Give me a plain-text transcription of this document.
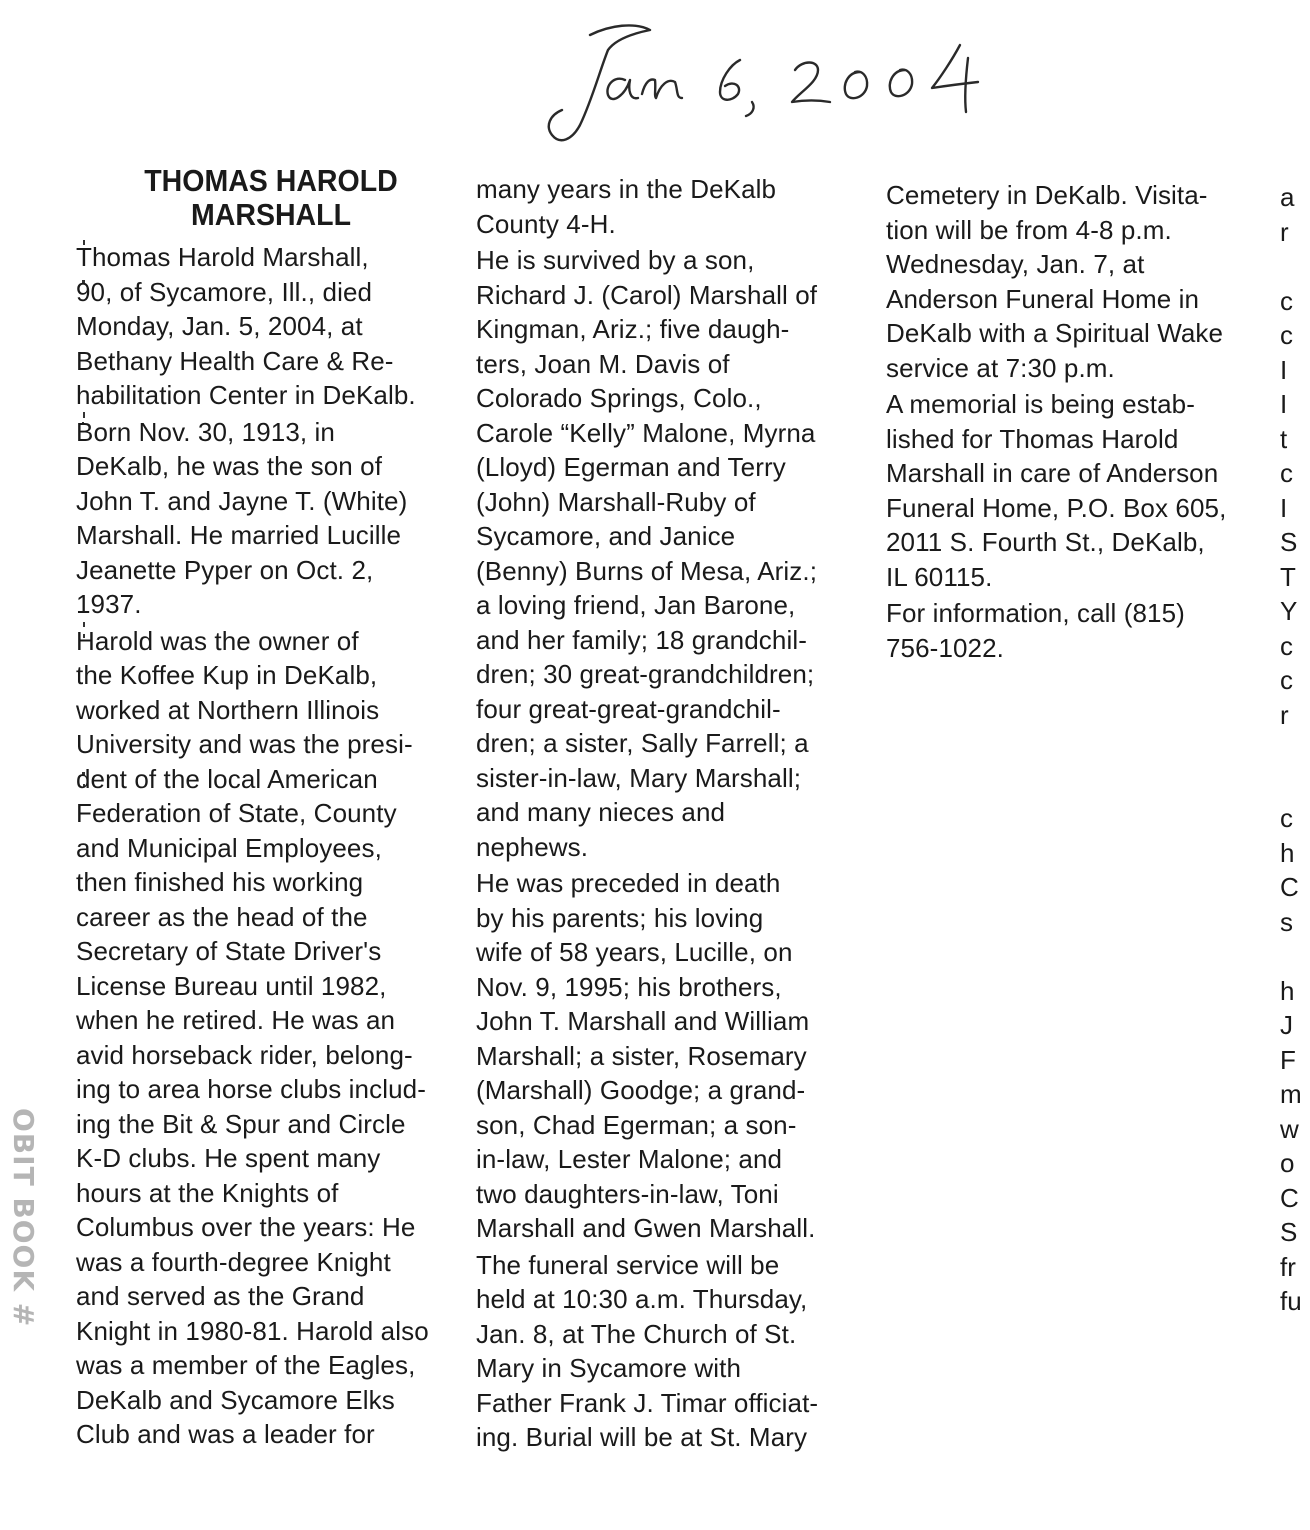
THOMAS HAROLD
MARSHALL

Thomas Harold Marshall,
90, of Sycamore, Ill., died
Monday, Jan. 5, 2004, at
Bethany Health Care & Re-
habilitation Center in DeKalb.

Born Nov. 30, 1913, in
DeKalb, he was the son of
John T. and Jayne T. (White)
Marshall. He married Lucille
Jeanette Pyper on Oct. 2,
1937.

Harold was the owner of
the Koffee Kup in DeKalb,
worked at Northern Illinois
University and was the presi-
dent of the local American
Federation of State, County
and Municipal Employees,
then finished his working
career as the head of the
Secretary of State Driver's
License Bureau until 1982,
when he retired. He was an
avid horseback rider, belong-
ing to area horse clubs includ-
ing the Bit & Spur and Circle
K-D clubs. He spent many
hours at the Knights of
Columbus over the years: He
was a fourth-degree Knight
and served as the Grand
Knight in 1980-81. Harold also
was a member of the Eagles,
DeKalb and Sycamore Elks
Club and was a leader for

many years in the DeKalb
County 4-H.

He is survived by a son,
Richard J. (Carol) Marshall of
Kingman, Ariz.; five daugh-
ters, Joan M. Davis of
Colorado Springs, Colo.,
Carole “Kelly” Malone, Myrna
(Lloyd) Egerman and Terry
(John) Marshall-Ruby of
Sycamore, and Janice
(Benny) Burns of Mesa, Ariz.;
a loving friend, Jan Barone,
and her family; 18 grandchil-
dren; 30 great-grandchildren;
four great-great-grandchil-
dren; a sister, Sally Farrell; a
sister-in-law, Mary Marshall;
and many nieces and
nephews.

He was preceded in death
by his parents; his loving
wife of 58 years, Lucille, on
Nov. 9, 1995; his brothers,
John T. Marshall and William
Marshall; a sister, Rosemary
(Marshall) Goodge; a grand-
son, Chad Egerman; a son-
in-law, Lester Malone; and
two daughters-in-law, Toni
Marshall and Gwen Marshall.

The funeral service will be
held at 10:30 a.m. Thursday,
Jan. 8, at The Church of St.
Mary in Sycamore with
Father Frank J. Timar officiat-
ing. Burial will be at St. Mary

Cemetery in DeKalb. Visita-
tion will be from 4-8 p.m.
Wednesday, Jan. 7, at
Anderson Funeral Home in
DeKalb with a Spiritual Wake
service at 7:30 p.m.

A memorial is being estab-
lished for Thomas Harold
Marshall in care of Anderson
Funeral Home, P.O. Box 605,
2011 S. Fourth St., DeKalb,
IL 60115.

For information, call (815)
756-1022.

OBIT BOOK #
a
r
c
c
I
I
t
c
I
S
T
Y
c
c
r
c
h
C
s
h
J
F
m
w
o
C
S
fr
fu
